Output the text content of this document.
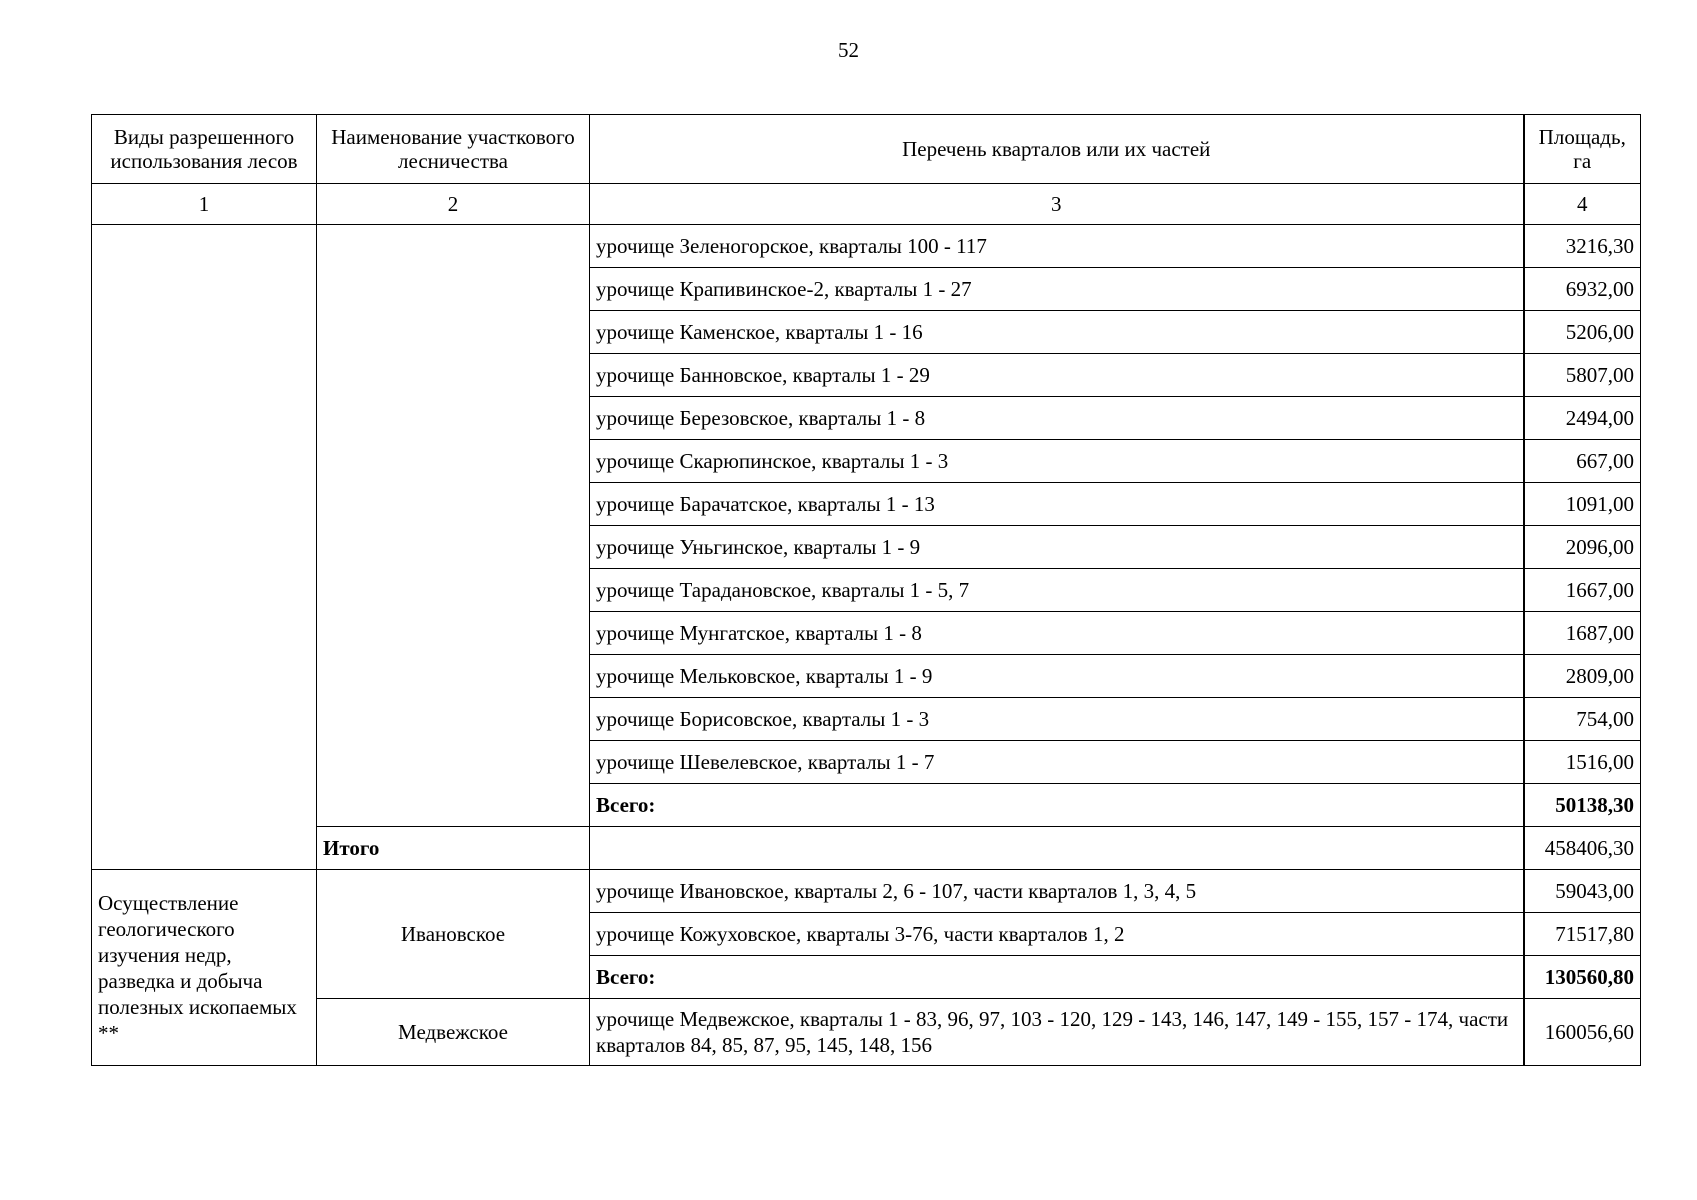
52
Виды разрешенного использования лесов	Наименование участкового лесничества	Перечень кварталов или их частей	Площадь, га
1	2	3	4
		урочище Зеленогорское, кварталы 100 - 117	3216,30
		урочище Крапивинское-2, кварталы 1 - 27	6932,00
		урочище Каменское, кварталы 1 - 16	5206,00
		урочище Банновское, кварталы 1 - 29	5807,00
		урочище Березовское, кварталы 1 - 8	2494,00
		урочище Скарюпинское, кварталы 1 - 3	667,00
		урочище Барачатское, кварталы 1 - 13	1091,00
		урочище Уньгинское, кварталы 1 - 9	2096,00
		урочище Тараданoвское, кварталы 1 - 5, 7	1667,00
		урочище Мунгатское, кварталы 1 - 8	1687,00
		урочище Мельковское, кварталы 1 - 9	2809,00
		урочище Борисовское, кварталы 1 - 3	754,00
		урочище Шевелевское, кварталы 1 - 7	1516,00
		Всего:	50138,30
	Итого		458406,30
Осуществление геологического изучения недр, разведка и добыча полезных ископаемых **	Ивановское	урочище Ивановское, кварталы 2, 6 - 107, части кварталов 1, 3, 4, 5	59043,00
		урочище Кожуховское, кварталы 3-76, части кварталов 1, 2	71517,80
		Всего:	130560,80
	Медвежское	урочище Медвежское, кварталы 1 - 83, 96, 97, 103 - 120, 129 - 143, 146, 147, 149 - 155, 157 - 174, части кварталов 84, 85, 87, 95, 145, 148, 156	160056,60
